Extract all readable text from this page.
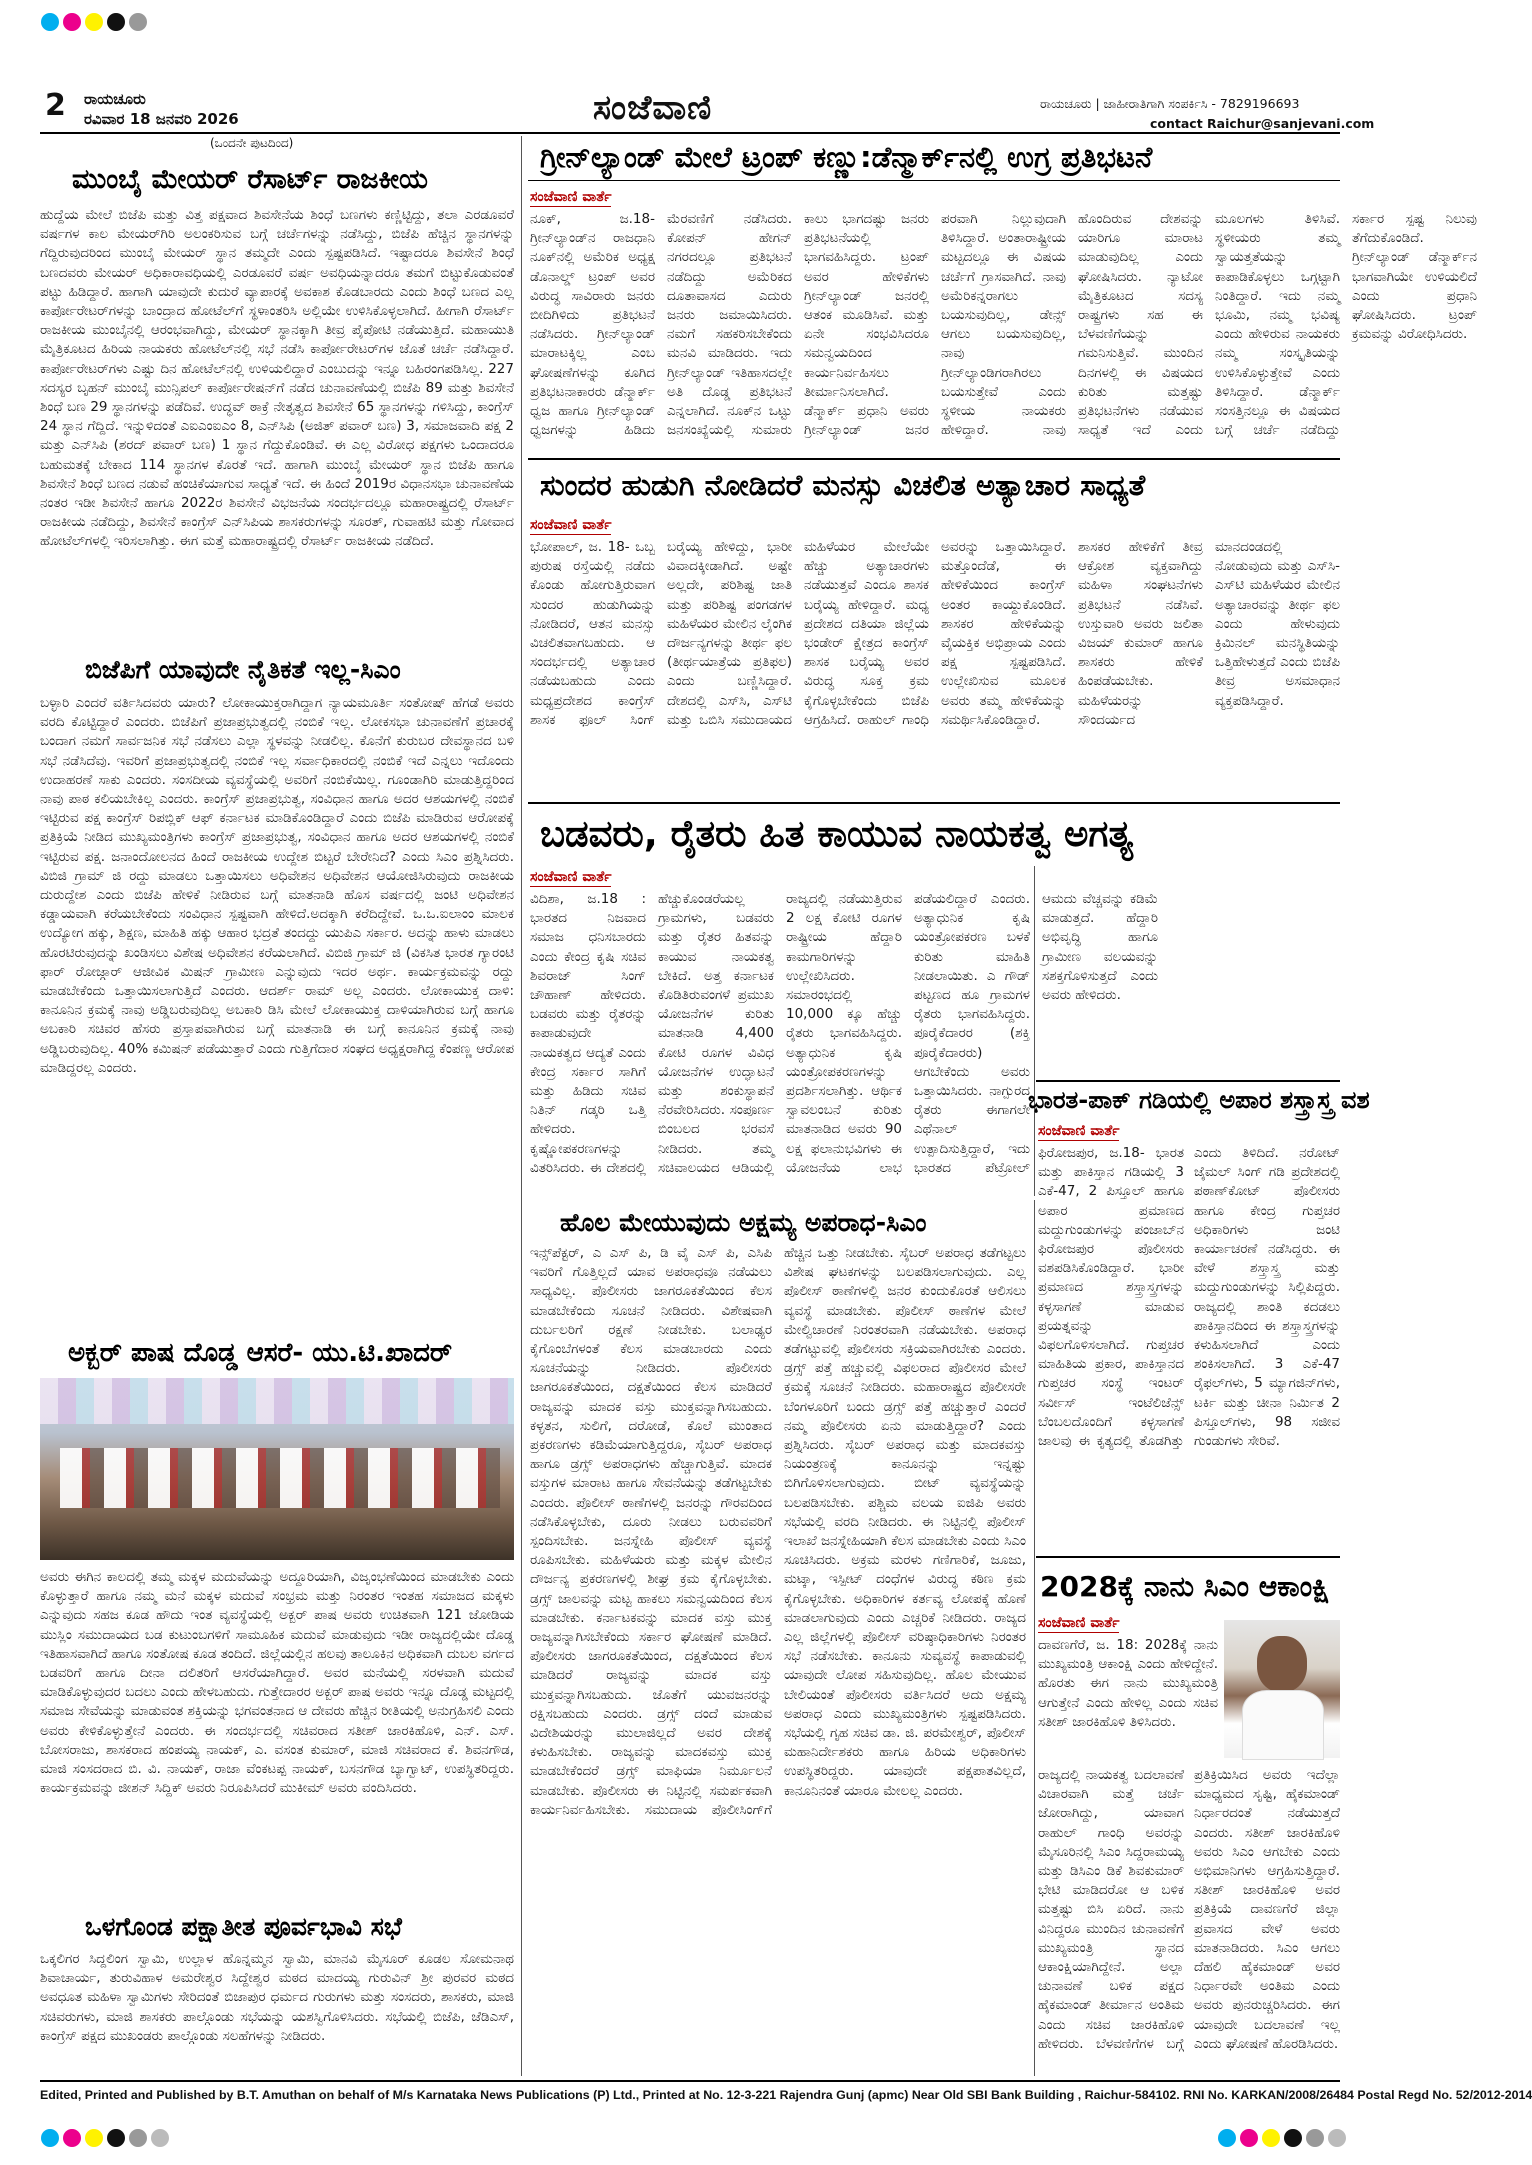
2 ರಾಯಚೂರು
ರವಿವಾರ 18 ಜನವರಿ 2026	ಸಂಜೆವಾಣಿ	ರಾಯಚೂರು | ಜಾಹೀರಾತಿಗಾಗಿ ಸಂಪರ್ಕಿಸಿ - 7829196693
contact Raichur@sanjevani.com
(ಒಂದನೇ ಪುಟದಿಂದ)
ಮುಂಬೈ ಮೇಯರ್ ರೆಸಾರ್ಟ್ ರಾಜಕೀಯ
ಹುದ್ದೆಯ ಮೇಲೆ ಬಿಜೆಪಿ ಮತ್ತು ವಿತ್ತ ಪಕ್ಷವಾದ ಶಿವಸೇನೆಯ ಶಿಂಧೆ ಬಣಗಳು ಕಣ್ಣಿಟ್ಟಿದ್ದು, ತಲಾ ಎರಡೂವರೆ ವರ್ಷಗಳ ಕಾಲ ಮೇಯರ್‌ಗಿರಿ ಅಲಂಕರಿಸುವ ಬಗ್ಗೆ ಚರ್ಚೆಗಳನ್ನು ನಡೆಸಿದ್ದು, ಬಿಜೆಪಿ ಹೆಚ್ಚಿನ ಸ್ಥಾನಗಳನ್ನು ಗೆದ್ದಿರುವುದರಿಂದ ಮುಂಬೈ ಮೇಯರ್ ಸ್ಥಾನ ತಮ್ಮದೇ ಎಂದು ಸ್ಪಷ್ಟಪಡಿಸಿದೆ. ಇಷ್ಟಾದರೂ ಶಿವಸೇನೆ ಶಿಂಧೆ ಬಣದವರು ಮೇಯರ್ ಅಧಿಕಾರಾವಧಿಯಲ್ಲಿ ಎರಡೂವರೆ ವರ್ಷ ಅವಧಿಯನ್ನಾದರೂ ತಮಗೆ ಬಿಟ್ಟುಕೊಡುವಂತೆ ಪಟ್ಟು ಹಿಡಿದ್ದಾರೆ. ಹಾಗಾಗಿ ಯಾವುದೇ ಕುದುರೆ ವ್ಯಾಪಾರಕ್ಕೆ ಅವಕಾಶ ಕೊಡಬಾರದು ಎಂದು ಶಿಂಧೆ ಬಣದ ಎಲ್ಲ ಕಾರ್ಪೋರೇಟರ್‌ಗಳನ್ನು ಬಾಂದ್ರಾದ ಹೋಟೆಲ್‌ಗೆ ಸ್ಥಳಾಂತರಿಸಿ ಅಲ್ಲಿಯೇ ಉಳಿಸಿಕೊಳ್ಳಲಾಗಿದೆ. ಹೀಗಾಗಿ ರೆಸಾರ್ಟ್ ರಾಜಕೀಯ ಮುಂಬೈನಲ್ಲಿ ಆರಂಭವಾಗಿದ್ದು, ಮೇಯರ್ ಸ್ಥಾನಕ್ಕಾಗಿ ತೀವ್ರ ಪೈಪೋಟಿ ನಡೆಯುತ್ತಿದೆ. ಮಹಾಯುತಿ ಮೈತ್ರಿಕೂಟದ ಹಿರಿಯ ನಾಯಕರು ಹೋಟೆಲ್‌ನಲ್ಲಿ ಸಭೆ ನಡೆಸಿ ಕಾರ್ಪೋರೇಟರ್‌ಗಳ ಜೊತೆ ಚರ್ಚೆ ನಡೆಸಿದ್ದಾರೆ. ಕಾರ್ಪೋರೇಟರ್‌ಗಳು ಎಷ್ಟು ದಿನ ಹೋಟೆಲ್‌ನಲ್ಲಿ ಉಳಿಯಲಿದ್ದಾರೆ ಎಂಬುದನ್ನು ಇನ್ನೂ ಬಹಿರಂಗಪಡಿಸಿಲ್ಲ. 227 ಸದಸ್ಯರ ಬೃಹನ್ ಮುಂಬೈ ಮುನ್ಸಿಪಲ್ ಕಾರ್ಪೋರೇಷನ್‌ಗೆ ನಡೆದ ಚುನಾವಣೆಯಲ್ಲಿ ಬಿಜೆಪಿ 89 ಮತ್ತು ಶಿವಸೇನೆ ಶಿಂಧೆ ಬಣ 29 ಸ್ಥಾನಗಳನ್ನು ಪಡೆದಿವೆ. ಉದ್ಧವ್ ಠಾಕ್ರೆ ನೇತೃತ್ವದ ಶಿವಸೇನೆ 65 ಸ್ಥಾನಗಳನ್ನು ಗಳಿಸಿದ್ದು, ಕಾಂಗ್ರೆಸ್ 24 ಸ್ಥಾನ ಗೆದ್ದಿದೆ. ಇನ್ನುಳಿದಂತೆ ಎಐಎಂಐಎಂ 8, ಎನ್‌ಸಿಪಿ (ಅಜಿತ್ ಪವಾರ್ ಬಣ) 3, ಸಮಾಜವಾದಿ ಪಕ್ಷ 2 ಮತ್ತು ಎನ್‌ಸಿಪಿ (ಶರದ್ ಪವಾರ್ ಬಣ) 1 ಸ್ಥಾನ ಗೆದ್ದುಕೊಂಡಿವೆ. ಈ ಎಲ್ಲ ವಿರೋಧ ಪಕ್ಷಗಳು ಒಂದಾದರೂ ಬಹುಮತಕ್ಕೆ ಬೇಕಾದ 114 ಸ್ಥಾನಗಳ ಕೊರತೆ ಇದೆ. ಹಾಗಾಗಿ ಮುಂಬೈ ಮೇಯರ್ ಸ್ಥಾನ ಬಿಜೆಪಿ ಹಾಗೂ ಶಿವಸೇನೆ ಶಿಂಧೆ ಬಣದ ನಡುವೆ ಹಂಚಿಕೆಯಾಗುವ ಸಾಧ್ಯತೆ ಇದೆ. ಈ ಹಿಂದೆ 2019ರ ವಿಧಾನಸಭಾ ಚುನಾವಣೆಯ ನಂತರ ಇಡೀ ಶಿವಸೇನೆ ಹಾಗೂ 2022ರ ಶಿವಸೇನೆ ವಿಭಜನೆಯ ಸಂದರ್ಭದಲ್ಲೂ ಮಹಾರಾಷ್ಟ್ರದಲ್ಲಿ ರೆಸಾರ್ಟ್ ರಾಜಕೀಯ ನಡೆದಿದ್ದು, ಶಿವಸೇನೆ ಕಾಂಗ್ರೆಸ್ ಎನ್‌ಸಿಪಿಯ ಶಾಸಕರುಗಳನ್ನು ಸೂರತ್, ಗುವಾಹಟಿ ಮತ್ತು ಗೋವಾದ ಹೋಟೆಲ್‌ಗಳಲ್ಲಿ ಇರಿಸಲಾಗಿತ್ತು. ಈಗ ಮತ್ತೆ ಮಹಾರಾಷ್ಟ್ರದಲ್ಲಿ ರೆಸಾರ್ಟ್ ರಾಜಕೀಯ ನಡೆದಿದೆ.
ಬಿಜೆಪಿಗೆ ಯಾವುದೇ ನೈತಿಕತೆ ಇಲ್ಲ-ಸಿಎಂ
ಬಳ್ಳಾರಿ ಎಂದರೆ ವರ್ತಿಸಿದವರು ಯಾರು? ಲೋಕಾಯುಕ್ತರಾಗಿದ್ದಾಗ ನ್ಯಾಯಮೂರ್ತಿ ಸಂತೋಷ್ ಹೆಗಡೆ ಅವರು ವರದಿ ಕೊಟ್ಟಿದ್ದಾರೆ ಎಂದರು. ಬಿಜೆಪಿಗೆ ಪ್ರಜಾಪ್ರಭುತ್ವದಲ್ಲಿ ನಂಬಿಕೆ ಇಲ್ಲ. ಲೋಕಸಭಾ ಚುನಾವಣೆಗೆ ಪ್ರಚಾರಕ್ಕೆ ಬಂದಾಗ ನಮಗೆ ಸಾರ್ವಜನಿಕ ಸಭೆ ನಡೆಸಲು ಎಲ್ಲಾ ಸ್ಥಳವನ್ನು ನೀಡಲಿಲ್ಲ. ಕೊನೆಗೆ ಕುರುಬರ ದೇವಸ್ಥಾನದ ಬಳಿ ಸಭೆ ನಡೆಸಿದೆವು. ಇವರಿಗೆ ಪ್ರಜಾಪ್ರಭುತ್ವದಲ್ಲಿ ನಂಬಿಕೆ ಇಲ್ಲ ಸರ್ವಾಧಿಕಾರದಲ್ಲಿ ನಂಬಿಕೆ ಇದೆ ಎನ್ನಲು ಇದೊಂದು ಉದಾಹರಣೆ ಸಾಕು ಎಂದರು. ಸಂಸದೀಯ ವ್ಯವಸ್ಥೆಯಲ್ಲಿ ಅವರಿಗೆ ನಂಬಿಕೆಯಿಲ್ಲ. ಗೂಂಡಾಗಿರಿ ಮಾಡುತ್ತಿದ್ದರಿಂದ ನಾವು ಪಾಠ ಕಲಿಯಬೇಕಿಲ್ಲ ಎಂದರು. ಕಾಂಗ್ರೆಸ್ ಪ್ರಜಾಪ್ರಭುತ್ವ, ಸಂವಿಧಾನ ಹಾಗೂ ಅದರ ಆಶಯಗಳಲ್ಲಿ ನಂಬಿಕೆ ಇಟ್ಟಿರುವ ಪಕ್ಷ ಕಾಂಗ್ರೆಸ್ ರಿಪಬ್ಲಿಕ್ ಆಫ್ ಕರ್ನಾಟಕ ಮಾಡಿಕೊಂಡಿದ್ದಾರೆ ಎಂದು ಬಿಜೆಪಿ ಮಾಡಿರುವ ಆರೋಪಕ್ಕೆ ಪ್ರತಿಕ್ರಿಯೆ ನೀಡಿದ ಮುಖ್ಯಮಂತ್ರಿಗಳು ಕಾಂಗ್ರೆಸ್ ಪ್ರಜಾಪ್ರಭುತ್ವ, ಸಂವಿಧಾನ ಹಾಗೂ ಅದರ ಆಶಯಗಳಲ್ಲಿ ನಂಬಿಕೆ ಇಟ್ಟಿರುವ ಪಕ್ಷ. ಜನಾಂದೋಲನದ ಹಿಂದೆ ರಾಜಕೀಯ ಉದ್ದೇಶ ಬಿಟ್ಟರೆ ಬೇರೇನಿದೆ? ಎಂದು ಸಿಎಂ ಪ್ರಶ್ನಿಸಿದರು. ವಿಬಿಜಿ ಗ್ರಾಮ್ ಜಿ ರದ್ದು ಮಾಡಲು ಒತ್ತಾಯಿಸಲು ಅಧಿವೇಶನ ಅಧಿವೇಶನ ಆಯೋಜಿಸಿರುವುದು ರಾಜಕೀಯ ದುರುದ್ದೇಶ ಎಂದು ಬಿಜೆಪಿ ಹೇಳಿಕೆ ನೀಡಿರುವ ಬಗ್ಗೆ ಮಾತನಾಡಿ ಹೊಸ ವರ್ಷದಲ್ಲಿ ಜಂಟಿ ಅಧಿವೇಶನ ಕಡ್ಡಾಯವಾಗಿ ಕರೆಯಬೇಕೆಂದು ಸಂವಿಧಾನ ಸ್ಪಷ್ಟವಾಗಿ ಹೇಳಿದೆ.ಅದಕ್ಕಾಗಿ ಕರೆದಿದ್ದೇವೆ. ಒ.ಒ.ಐಲಾಂಂ ಮಾಲಕ ಉದ್ಯೋಗ ಹಕ್ಕು, ಶಿಕ್ಷಣ, ಮಾಹಿತಿ ಹಕ್ಕು ಆಹಾರ ಭದ್ರತೆ ತಂದದ್ದು ಯುಪಿಎ ಸರ್ಕಾರ. ಅದನ್ನು ಹಾಳು ಮಾಡಲು ಹೊರಟಿರುವುದನ್ನು ಖಂಡಿಸಲು ವಿಶೇಷ ಅಧಿವೇಶನ ಕರೆಯಲಾಗಿದೆ. ವಿಬಿಜಿ ಗ್ರಾಮ್ ಜಿ (ವಿಕಸಿತ ಭಾರತ ಗ್ಯಾರಂಟಿ ಫಾರ್ ರೋಜ್ಗಾರ್ ಆಜೀವಿಕ ಮಿಷನ್ ಗ್ರಾಮೀಣ ಎನ್ನುವುದು ಇದರ ಅರ್ಥ. ಕಾರ್ಯಕ್ರಮವನ್ನು ರದ್ದು ಮಾಡಬೇಕೆಂದು ಒತ್ತಾಯಿಸಲಾಗುತ್ತಿದೆ ಎಂದರು. ಆದರ್ಶ್ ರಾಮ್ ಅಲ್ಲ ಎಂದರು. ಲೋಕಾಯುಕ್ತ ದಾಳಿ: ಕಾನೂನಿನ ಕ್ರಮಕ್ಕೆ ನಾವು ಅಡ್ಡಿಬರುವುದಿಲ್ಲ ಅಬಕಾರಿ ಡಿಸಿ ಮೇಲೆ ಲೋಕಾಯುಕ್ತ ದಾಳಿಯಾಗಿರುವ ಬಗ್ಗೆ ಹಾಗೂ ಅಬಕಾರಿ ಸಚಿವರ ಹೆಸರು ಪ್ರಸ್ತಾಪವಾಗಿರುವ ಬಗ್ಗೆ ಮಾತನಾಡಿ ಈ ಬಗ್ಗೆ ಕಾನೂನಿನ ಕ್ರಮಕ್ಕೆ ನಾವು ಅಡ್ಡಿಬರುವುದಿಲ್ಲ. 40% ಕಮಿಷನ್ ಪಡೆಯುತ್ತಾರೆ ಎಂದು ಗುತ್ತಿಗೆದಾರ ಸಂಘದ ಅಧ್ಯಕ್ಷರಾಗಿದ್ದ ಕೆಂಪಣ್ಣ ಆರೋಪ ಮಾಡಿದ್ದರಲ್ಲ ಎಂದರು.
ಅಕ್ಬರ್ ಪಾಷ ದೊಡ್ಡ ಆಸರೆ- ಯು.ಟಿ.ಖಾದರ್
ಅವರು ಈಗಿನ ಕಾಲದಲ್ಲಿ ತಮ್ಮ ಮಕ್ಕಳ ಮದುವೆಯನ್ನು ಅದ್ದೂರಿಯಾಗಿ, ವಿಜೃಂಭಣೆಯಿಂದ ಮಾಡಬೇಕು ಎಂದು ಕೊಳ್ಳುತ್ತಾರೆ ಹಾಗೂ ನಮ್ಮ ಮನೆ ಮಕ್ಕಳ ಮದುವೆ ಸಂಭ್ರಮ ಮತ್ತು ನಿರಂತರ ಇಂತಹ ಸಮಾಜದ ಮಕ್ಕಳು ಎನ್ನುವುದು ಸಹಜ ಕೂಡ ಹೌದು ಇಂತ ವ್ಯವಸ್ಥೆಯಲ್ಲಿ ಅಕ್ಬರ್ ಪಾಷ ಅವರು ಉಚಿತವಾಗಿ 121 ಜೋಡಿಯ ಮುಸ್ಲಿಂ ಸಮುದಾಯದ ಬಡ ಕುಟುಂಬಗಳಿಗೆ ಸಾಮೂಹಿಕ ಮದುವೆ ಮಾಡುವುದು ಇಡೀ ರಾಜ್ಯದಲ್ಲಿಯೇ ದೊಡ್ಡ ಇತಿಹಾಸವಾಗಿದೆ ಹಾಗೂ ಸಂತೋಷ ಕೂಡ ತಂದಿದೆ. ಜಿಲ್ಲೆಯಲ್ಲಿನ ಹಲವು ತಾಲೂಕಿನ ಅಧಿಕವಾಗಿ ದುಬಲ ವರ್ಗದ ಬಡವರಿಗೆ ಹಾಗೂ ದೀನಾ ದಲಿತರಿಗೆ ಆಸರೆಯಾಗಿದ್ದಾರೆ. ಅವರ ಮನೆಯಲ್ಲಿ ಸರಳವಾಗಿ ಮದುವೆ ಮಾಡಿಕೊಳ್ಳುವುದರ ಬದಲು ಎಂದು ಹೇಳಬಹುದು. ಗುತ್ತೇದಾರರ ಅಕ್ಬರ್ ಪಾಷ ಅವರು ಇನ್ನೂ ದೊಡ್ಡ ಮಟ್ಟದಲ್ಲಿ ಸಮಾಜ ಸೇವೆಯನ್ನು ಮಾಡುವಂತ ಶಕ್ತಿಯನ್ನು ಭಗವಂತನಾದ ಆ ದೇವರು ಹೆಚ್ಚಿನ ರೀತಿಯಲ್ಲಿ ಅನುಗ್ರಹಿಸಲಿ ಎಂದು ಅವರು ಕೇಳಿಕೊಳ್ಳುತ್ತೇನೆ ಎಂದರು. ಈ ಸಂದರ್ಭದಲ್ಲಿ ಸಚಿವರಾದ ಸತೀಶ್ ಜಾರಕಿಹೊಳಿ, ಎನ್. ಎಸ್. ಬೋಸರಾಜು, ಶಾಸಕರಾದ ಹಂಪಯ್ಯ ನಾಯಕ್, ಎ. ವಸಂತ ಕುಮಾರ್, ಮಾಜಿ ಸಚಿವರಾದ ಕೆ. ಶಿವನಗೌಡ, ಮಾಜಿ ಸಂಸದರಾದ ಬಿ. ವಿ. ನಾಯಕ್, ರಾಜಾ ವೆಂಕಟಪ್ಪ ನಾಯಕ್, ಬಸನಗೌಡ ಬ್ಯಾಗ್ವಾಟ್, ಉಪಸ್ಥಿತರಿದ್ದರು. ಕಾರ್ಯಕ್ರಮವನ್ನು ಜೀಶನ್ ಸಿದ್ದಿಕ್ ಅವರು ನಿರೂಪಿಸಿದರೆ ಮುಕೀಮ್ ಅವರು ವಂದಿಸಿದರು.
ಒಳಗೊಂಡ ಪಕ್ಷಾತೀತ ಪೂರ್ವಭಾವಿ ಸಭೆ
ಒಕ್ಕಲಿಗರ ಸಿದ್ದಲಿಂಗ ಸ್ವಾಮಿ, ಉಲ್ಲಾಳ ಹೊನ್ನಮ್ಮನ ಸ್ವಾಮಿ, ಮಾನವಿ ಮೈಸೂರ್ ಕೂಡಲ ಸೋಮನಾಥ ಶಿವಾಚಾರ್ಯ, ತುರುವಿಹಾಳ ಅಮರೇಶ್ವರ ಸಿದ್ದೇಶ್ವರ ಮಠದ ಮಾದಯ್ಯ ಗುರುವಿನ್ ಶ್ರೀ ಪುರವರ ಮಠದ ಅವಧೂತ ಮಹಿಳಾ ಸ್ವಾಮಿಗಳು ಸೇರಿದಂತೆ ಬಿಜಾಪುರ ಧರ್ಮದ ಗುರುಗಳು ಮತ್ತು ಸಂಸದರು, ಶಾಸಕರು, ಮಾಜಿ ಸಚಿವರುಗಳು, ಮಾಜಿ ಶಾಸಕರು ಪಾಲ್ಗೊಂಡು ಸಭೆಯನ್ನು ಯಶಸ್ವಿಗೊಳಿಸಿದರು. ಸಭೆಯಲ್ಲಿ ಬಿಜೆಪಿ, ಜೆಡಿಎಸ್, ಕಾಂಗ್ರೆಸ್ ಪಕ್ಷದ ಮುಖಂಡರು ಪಾಲ್ಗೊಂಡು ಸಲಹೆಗಳನ್ನು ನೀಡಿದರು.
ಗ್ರೀನ್‌ಲ್ಯಾಂಡ್ ಮೇಲೆ ಟ್ರಂಪ್ ಕಣ್ಣು:ಡೆನ್ಮಾರ್ಕ್‌ನಲ್ಲಿ ಉಗ್ರ ಪ್ರತಿಭಟನೆ
ಸಂಜೆವಾಣಿ ವಾರ್ತೆ
ನೂಕ್, ಜ.18- ಗ್ರೀನ್‌ಲ್ಯಾಂಡ್‌ನ ರಾಜಧಾನಿ ನೂಕ್‌ನಲ್ಲಿ ಅಮೆರಿಕ ಅಧ್ಯಕ್ಷ ಡೊನಾಲ್ಡ್ ಟ್ರಂಪ್ ಅವರ ವಿರುದ್ಧ ಸಾವಿರಾರು ಜನರು ಬೀದಿಗಿಳಿದು ಪ್ರತಿಭಟನೆ ನಡೆಸಿದರು. ಗ್ರೀನ್‌ಲ್ಯಾಂಡ್ ಮಾರಾಟಕ್ಕಿಲ್ಲ ಎಂಬ ಘೋಷಣೆಗಳನ್ನು ಕೂಗಿದ ಪ್ರತಿಭಟನಾಕಾರರು ಡೆನ್ಮಾರ್ಕ್ ಧ್ವಜ ಹಾಗೂ ಗ್ರೀನ್‌ಲ್ಯಾಂಡ್ ಧ್ವಜಗಳನ್ನು ಹಿಡಿದು ಮೆರವಣಿಗೆ ನಡೆಸಿದರು. ಕೋಪನ್ ಹೇಗನ್ ನಗರದಲ್ಲೂ ಪ್ರತಿಭಟನೆ ನಡೆದಿದ್ದು ಅಮೆರಿಕದ ದೂತಾವಾಸದ ಎದುರು ಜನರು ಜಮಾಯಿಸಿದರು. ನಮಗೆ ಸಹಕರಿಸಬೇಕೆಂದು ಮನವಿ ಮಾಡಿದರು. ಇದು ಗ್ರೀನ್‌ಲ್ಯಾಂಡ್ ಇತಿಹಾಸದಲ್ಲೇ ಅತಿ ದೊಡ್ಡ ಪ್ರತಿಭಟನೆ ಎನ್ನಲಾಗಿದೆ. ನೂಕ್‌ನ ಒಟ್ಟು ಜನಸಂಖ್ಯೆಯಲ್ಲಿ ಸುಮಾರು ಕಾಲು ಭಾಗದಷ್ಟು ಜನರು ಪ್ರತಿಭಟನೆಯಲ್ಲಿ ಭಾಗವಹಿಸಿದ್ದರು. ಟ್ರಂಪ್ ಅವರ ಹೇಳಿಕೆಗಳು ಗ್ರೀನ್‌ಲ್ಯಾಂಡ್ ಜನರಲ್ಲಿ ಆತಂಕ ಮೂಡಿಸಿವೆ. ಮತ್ತು ಏನೇ ಸಂಭವಿಸಿದರೂ ಸಮನ್ವಯದಿಂದ ಕಾರ್ಯನಿರ್ವಹಿಸಲು ತೀರ್ಮಾನಿಸಲಾಗಿದೆ. ಡೆನ್ಮಾರ್ಕ್ ಪ್ರಧಾನಿ ಅವರು ಗ್ರೀನ್‌ಲ್ಯಾಂಡ್ ಜನರ ಪರವಾಗಿ ನಿಲ್ಲುವುದಾಗಿ ತಿಳಿಸಿದ್ದಾರೆ. ಅಂತಾರಾಷ್ಟ್ರೀಯ ಮಟ್ಟದಲ್ಲೂ ಈ ವಿಷಯ ಚರ್ಚೆಗೆ ಗ್ರಾಸವಾಗಿದೆ. ನಾವು ಅಮೆರಿಕನ್ನರಾಗಲು ಬಯಸುವುದಿಲ್ಲ, ಡೇನ್ಸ್ ಆಗಲು ಬಯಸುವುದಿಲ್ಲ, ನಾವು ಗ್ರೀನ್‌ಲ್ಯಾಂಡಿಗರಾಗಿರಲು ಬಯಸುತ್ತೇವೆ ಎಂದು ಸ್ಥಳೀಯ ನಾಯಕರು ಹೇಳಿದ್ದಾರೆ. ನಾವು ಹೊಂದಿರುವ ದೇಶವನ್ನು ಯಾರಿಗೂ ಮಾರಾಟ ಮಾಡುವುದಿಲ್ಲ ಎಂದು ಘೋಷಿಸಿದರು. ನ್ಯಾಟೋ ಮೈತ್ರಿಕೂಟದ ಸದಸ್ಯ ರಾಷ್ಟ್ರಗಳು ಸಹ ಈ ಬೆಳವಣಿಗೆಯನ್ನು ಗಮನಿಸುತ್ತಿವೆ. ಮುಂದಿನ ದಿನಗಳಲ್ಲಿ ಈ ವಿಷಯದ ಕುರಿತು ಮತ್ತಷ್ಟು ಪ್ರತಿಭಟನೆಗಳು ನಡೆಯುವ ಸಾಧ್ಯತೆ ಇದೆ ಎಂದು ಮೂಲಗಳು ತಿಳಿಸಿವೆ. ಸ್ಥಳೀಯರು ತಮ್ಮ ಸ್ವಾಯತ್ತತೆಯನ್ನು ಕಾಪಾಡಿಕೊಳ್ಳಲು ಒಗ್ಗಟ್ಟಾಗಿ ನಿಂತಿದ್ದಾರೆ. ಇದು ನಮ್ಮ ಭೂಮಿ, ನಮ್ಮ ಭವಿಷ್ಯ ಎಂದು ಹೇಳಿರುವ ನಾಯಕರು ನಮ್ಮ ಸಂಸ್ಕೃತಿಯನ್ನು ಉಳಿಸಿಕೊಳ್ಳುತ್ತೇವೆ ಎಂದು ತಿಳಿಸಿದ್ದಾರೆ. ಡೆನ್ಮಾರ್ಕ್ ಸಂಸತ್ತಿನಲ್ಲೂ ಈ ವಿಷಯದ ಬಗ್ಗೆ ಚರ್ಚೆ ನಡೆದಿದ್ದು ಸರ್ಕಾರ ಸ್ಪಷ್ಟ ನಿಲುವು ತೆಗೆದುಕೊಂಡಿದೆ. ಗ್ರೀನ್‌ಲ್ಯಾಂಡ್ ಡೆನ್ಮಾರ್ಕ್‌ನ ಭಾಗವಾಗಿಯೇ ಉಳಿಯಲಿದೆ ಎಂದು ಪ್ರಧಾನಿ ಘೋಷಿಸಿದರು. ಟ್ರಂಪ್ ಕ್ರಮವನ್ನು ವಿರೋಧಿಸಿದರು.
ಸುಂದರ ಹುಡುಗಿ ನೋಡಿದರೆ ಮನಸ್ಸು ವಿಚಲಿತ ಅತ್ಯಾಚಾರ ಸಾಧ್ಯತೆ
ಸಂಜೆವಾಣಿ ವಾರ್ತೆ
ಭೋಪಾಲ್, ಜ. 18- ಒಬ್ಬ ಪುರುಷ ರಸ್ತೆಯಲ್ಲಿ ನಡೆದು ಕೊಂಡು ಹೋಗುತ್ತಿರುವಾಗ ಸುಂದರ ಹುಡುಗಿಯನ್ನು ನೋಡಿದರೆ, ಆತನ ಮನಸ್ಸು ವಿಚಲಿತವಾಗಬಹುದು. ಆ ಸಂದರ್ಭದಲ್ಲಿ ಅತ್ಯಾಚಾರ ನಡೆಯಬಹುದು ಎಂದು ಮಧ್ಯಪ್ರದೇಶದ ಕಾಂಗ್ರೆಸ್ ಶಾಸಕ ಫೂಲ್ ಸಿಂಗ್ ಬರೈಯ್ಯ ಹೇಳಿದ್ದು, ಭಾರೀ ವಿವಾದಕ್ಕೀಡಾಗಿದೆ. ಅಷ್ಟೇ ಅಲ್ಲದೇ, ಪರಿಶಿಷ್ಟ ಜಾತಿ ಮತ್ತು ಪರಿಶಿಷ್ಟ ಪಂಗಡಗಳ ಮಹಿಳೆಯರ ಮೇಲಿನ ಲೈಂಗಿಕ ದೌರ್ಜನ್ಯಗಳನ್ನು ತೀರ್ಥ ಫಲ (ತೀರ್ಥಯಾತ್ರೆಯ ಪ್ರತಿಫಲ) ಎಂದು ಬಣ್ಣಿಸಿದ್ದಾರೆ. ದೇಶದಲ್ಲಿ ಎಸ್‌ಸಿ, ಎಸ್‌ಟಿ ಮತ್ತು ಒಬಿಸಿ ಸಮುದಾಯದ ಮಹಿಳೆಯರ ಮೇಲೆಯೇ ಹೆಚ್ಚು ಅತ್ಯಾಚಾರಗಳು ನಡೆಯುತ್ತವೆ ಎಂದೂ ಶಾಸಕ ಬರೈಯ್ಯ ಹೇಳಿದ್ದಾರೆ. ಮಧ್ಯ ಪ್ರದೇಶದ ದತಿಯಾ ಜಿಲ್ಲೆಯ ಭಂಡೇರ್ ಕ್ಷೇತ್ರದ ಕಾಂಗ್ರೆಸ್ ಶಾಸಕ ಬರೈಯ್ಯ ಅವರ ವಿರುದ್ಧ ಸೂಕ್ತ ಕ್ರಮ ಕೈಗೊಳ್ಳಬೇಕೆಂದು ಬಿಜೆಪಿ ಆಗ್ರಹಿಸಿದೆ. ರಾಹುಲ್ ಗಾಂಧಿ ಅವರನ್ನು ಒತ್ತಾಯಿಸಿದ್ದಾರೆ. ಮತ್ತೊಂದೆಡೆ, ಈ ಹೇಳಿಕೆಯಿಂದ ಕಾಂಗ್ರೆಸ್ ಅಂತರ ಕಾಯ್ದುಕೊಂಡಿದೆ. ಶಾಸಕರ ಹೇಳಿಕೆಯನ್ನು ವೈಯಕ್ತಿಕ ಅಭಿಪ್ರಾಯ ಎಂದು ಪಕ್ಷ ಸ್ಪಷ್ಟಪಡಿಸಿದೆ. ಉಲ್ಲೇಖಿಸುವ ಮೂಲಕ ಅವರು ತಮ್ಮ ಹೇಳಿಕೆಯನ್ನು ಸಮರ್ಥಿಸಿಕೊಂಡಿದ್ದಾರೆ. ಶಾಸಕರ ಹೇಳಿಕೆಗೆ ತೀವ್ರ ಆಕ್ರೋಶ ವ್ಯಕ್ತವಾಗಿದ್ದು ಮಹಿಳಾ ಸಂಘಟನೆಗಳು ಪ್ರತಿಭಟನೆ ನಡೆಸಿವೆ. ಉಸ್ತುವಾರಿ ಅವರು ಜಲಿತಾ ವಿಜಯ್ ಕುಮಾರ್ ಹಾಗೂ ಶಾಸಕರು ಹೇಳಿಕೆ ಹಿಂಪಡೆಯಬೇಕು. ಮಹಿಳೆಯರನ್ನು ಸೌಂದರ್ಯದ ಮಾನದಂಡದಲ್ಲಿ ನೋಡುವುದು ಮತ್ತು ಎಸ್‌ಸಿ-ಎಸ್‌ಟಿ ಮಹಿಳೆಯರ ಮೇಲಿನ ಅತ್ಯಾಚಾರವನ್ನು ತೀರ್ಥ ಫಲ ಎಂದು ಹೇಳುವುದು ಕ್ರಿಮಿನಲ್ ಮನಸ್ಥಿತಿಯನ್ನು ಒತ್ತಿಹೇಳುತ್ತದೆ ಎಂದು ಬಿಜೆಪಿ ತೀವ್ರ ಅಸಮಾಧಾನ ವ್ಯಕ್ತಪಡಿಸಿದ್ದಾರೆ.
ಬಡವರು, ರೈತರು ಹಿತ ಕಾಯುವ ನಾಯಕತ್ವ ಅಗತ್ಯ
ಸಂಜೆವಾಣಿ ವಾರ್ತೆ
ವಿದಿಶಾ, ಜ.18 : ಭಾರತದ ನಿಜವಾದ ಸಮಾಜ ಧನಿಸಬಾರದು ಎಂದು ಕೇಂದ್ರ ಕೃಷಿ ಸಚಿವ ಶಿವರಾಜ್ ಸಿಂಗ್ ಚೌಹಾಣ್ ಹೇಳಿದರು. ಬಡವರು ಮತ್ತು ರೈತರನ್ನು ಕಾಪಾಡುವುದೇ ನಾಯಕತ್ವದ ಆದ್ಯತೆ ಎಂದು ಕೇಂದ್ರ ಸರ್ಕಾರ ಸಾಗಿಗೆ ಮತ್ತು ಹಿಡಿದು ಸಚಿವ ನಿತಿನ್ ಗಡ್ಕರಿ ಒತ್ತಿ ಹೇಳಿದರು. ಕೃಷ್ಣೋಪಕರಣಗಳನ್ನು ವಿತರಿಸಿದರು. ಈ ದೇಶದಲ್ಲಿ ಹೆಚ್ಚುಕೊಂಡರೆಯಲ್ಲ ಗ್ರಾಮಗಳು, ಬಡವರು ಮತ್ತು ರೈತರ ಹಿತವನ್ನು ಕಾಯುವ ನಾಯಕತ್ವ ಬೇಕಿದೆ. ಅತ್ತ ಕರ್ನಾಟಕ ಕೊಡಿತಿರುವಂಗಳೆ ಪ್ರಮುಖ ಯೋಜನೆಗಳ ಕುರಿತು ಮಾತನಾಡಿ 4,400 ಕೋಟಿ ರೂಗಳ ವಿವಿಧ ಯೋಜನೆಗಳ ಉದ್ಘಾಟನೆ ಮತ್ತು ಶಂಕುಸ್ಥಾಪನೆ ನೆರವೇರಿಸಿದರು. ಸಂಪೂರ್ಣ ಬಿಂಬಲದ ಭರವಸೆ ನೀಡಿದರು. ತಮ್ಮ ಸಚಿವಾಲಯದ ಆಡಿಯಲ್ಲಿ ರಾಜ್ಯದಲ್ಲಿ ನಡೆಯುತ್ತಿರುವ 2 ಲಕ್ಷ ಕೋಟಿ ರೂಗಳ ರಾಷ್ಟ್ರೀಯ ಹೆದ್ದಾರಿ ಕಾಮಗಾರಿಗಳನ್ನು ಉಲ್ಲೇಖಿಸಿದರು. ಸಮಾರಂಭದಲ್ಲಿ 10,000 ಕ್ಕೂ ಹೆಚ್ಚು ರೈತರು ಭಾಗವಹಿಸಿದ್ದರು. ಅತ್ಯಾಧುನಿಕ ಕೃಷಿ ಯಂತ್ರೋಪಕರಣಗಳನ್ನು ಪ್ರದರ್ಶಿಸಲಾಗಿತ್ತು. ಆರ್ಥಿಕ ಸ್ವಾವಲಂಬನೆ ಕುರಿತು ಮಾತನಾಡಿದ ಅವರು 90 ಲಕ್ಷ ಫಲಾನುಭವಿಗಳು ಈ ಯೋಜನೆಯ ಲಾಭ ಪಡೆಯಲಿದ್ದಾರೆ ಎಂದರು. ಅತ್ಯಾಧುನಿಕ ಕೃಷಿ ಯಂತ್ರೋಪಕರಣ ಬಳಕೆ ಕುರಿತು ಮಾಹಿತಿ ನೀಡಲಾಯಿತು. ಎ ಗೌಡ್ ಪಟ್ಟಣದ ಹೂ ಗ್ರಾಮಗಳ ರೈತರು ಭಾಗವಹಿಸಿದ್ದರು. ಪೂರೈಕೆದಾರರ (ಶಕ್ತಿ ಪೂರೈಕೆದಾರರು) ಆಗಬೇಕೆಂದು ಅವರು ಒತ್ತಾಯಿಸಿದರು. ನಾಗ್ಪುರದ ರೈತರು ಈಗಾಗಲೇ ಎಥೆನಾಲ್ ಉತ್ಪಾದಿಸುತ್ತಿದ್ದಾರೆ, ಇದು ಭಾರತದ ಪೆಟ್ರೋಲ್ ಆಮದು ವೆಚ್ಚವನ್ನು ಕಡಿಮೆ ಮಾಡುತ್ತದೆ. ಹೆದ್ದಾರಿ ಅಭಿವೃದ್ಧಿ ಹಾಗೂ ಗ್ರಾಮೀಣ ವಲಯವನ್ನು ಸಶಕ್ತಗೊಳಿಸುತ್ತದೆ ಎಂದು ಅವರು ಹೇಳಿದರು.
ಭಾರತ-ಪಾಕ್ ಗಡಿಯಲ್ಲಿ ಅಪಾರ ಶಸ್ತ್ರಾಸ್ತ್ರ ವಶ
ಸಂಜೆವಾಣಿ ವಾರ್ತೆ
ಫಿರೋಜಪುರ, ಜ.18- ಭಾರತ ಮತ್ತು ಪಾಕಿಸ್ತಾನ ಗಡಿಯಲ್ಲಿ 3 ಎಕೆ-47, 2 ಪಿಸ್ತೂಲ್ ಹಾಗೂ ಅಪಾರ ಪ್ರಮಾಣದ ಮದ್ದುಗುಂಡುಗಳನ್ನು ಪಂಜಾಬ್‌ನ ಫಿರೋಜಪುರ ಪೊಲೀಸರು ವಶಪಡಿಸಿಕೊಂಡಿದ್ದಾರೆ. ಭಾರೀ ಪ್ರಮಾಣದ ಶಸ್ತ್ರಾಸ್ತ್ರಗಳನ್ನು ಕಳ್ಳಸಾಗಣೆ ಮಾಡುವ ಪ್ರಯತ್ನವನ್ನು ವಿಫಲಗೊಳಿಸಲಾಗಿದೆ. ಗುಪ್ತಚರ ಮಾಹಿತಿಯ ಪ್ರಕಾರ, ಪಾಕಿಸ್ತಾನದ ಗುಪ್ತಚರ ಸಂಸ್ಥೆ ಇಂಟರ್ ಸರ್ವೀಸ್ ಇಂಟೆಲಿಜೆನ್ಸ್ ಬೆಂಬಲದೊಂದಿಗೆ ಕಳ್ಳಸಾಗಣೆ ಜಾಲವು ಈ ಕೃತ್ಯದಲ್ಲಿ ತೊಡಗಿತ್ತು ಎಂದು ತಿಳಿದಿದೆ. ನರೋಟ್ ಜೈಮಲ್ ಸಿಂಗ್ ಗಡಿ ಪ್ರದೇಶದಲ್ಲಿ ಪಠಾಣ್‌ಕೋಟ್ ಪೊಲೀಸರು ಹಾಗೂ ಕೇಂದ್ರ ಗುಪ್ತಚರ ಅಧಿಕಾರಿಗಳು ಜಂಟಿ ಕಾರ್ಯಾಚರಣೆ ನಡೆಸಿದ್ದರು. ಈ ವೇಳೆ ಶಸ್ತ್ರಾಸ್ತ್ರ ಮತ್ತು ಮದ್ದುಗುಂಡುಗಳನ್ನು ಸಿಲ್ಲಿಪಿದ್ದರು. ರಾಜ್ಯದಲ್ಲಿ ಶಾಂತಿ ಕದಡಲು ಪಾಕಿಸ್ತಾನದಿಂದ ಈ ಶಸ್ತ್ರಾಸ್ತ್ರಗಳನ್ನು ಕಳುಹಿಸಲಾಗಿದೆ ಎಂದು ಶಂಕಿಸಲಾಗಿದೆ. 3 ಎಕೆ-47 ರೈಫಲ್‌ಗಳು, 5 ಮ್ಯಾಗಜಿನ್‌ಗಳು, ಟರ್ಕಿ ಮತ್ತು ಚೀನಾ ನಿರ್ಮಿತ 2 ಪಿಸ್ತೂಲ್‌ಗಳು, 98 ಸಜೀವ ಗುಂಡುಗಳು ಸೇರಿವೆ.
ಹೊಲ ಮೇಯುವುದು ಅಕ್ಷಮ್ಯ ಅಪರಾಧ-ಸಿಎಂ
ಇನ್ಸ್‌ಪೆಕ್ಟರ್, ಎ ಎಸ್ ಪಿ, ಡಿ ವೈ ಎಸ್ ಪಿ, ಎಸಿಪಿ ಇವರಿಗೆ ಗೊತ್ತಿಲ್ಲದೆ ಯಾವ ಅಪರಾಧವೂ ನಡೆಯಲು ಸಾಧ್ಯವಿಲ್ಲ. ಪೊಲೀಸರು ಜಾಗರೂಕತೆಯಿಂದ ಕೆಲಸ ಮಾಡಬೇಕೆಂದು ಸೂಚನೆ ನೀಡಿದರು. ವಿಶೇಷವಾಗಿ ದುರ್ಬಲರಿಗೆ ರಕ್ಷಣೆ ನೀಡಬೇಕು. ಬಲಾಢ್ಯರ ಕೈಗೊಂಬೆಗಳಂತೆ ಕೆಲಸ ಮಾಡಬಾರದು ಎಂದು ಸೂಚನೆಯನ್ನು ನೀಡಿದರು. ಪೊಲೀಸರು ಜಾಗರೂಕತೆಯಿಂದ, ದಕ್ಷತೆಯಿಂದ ಕೆಲಸ ಮಾಡಿದರೆ ರಾಜ್ಯವನ್ನು ಮಾದಕ ವಸ್ತು ಮುಕ್ತವನ್ನಾಗಿಸಬಹುದು. ಕಳ್ಳತನ, ಸುಲಿಗೆ, ದರೋಡೆ, ಕೊಲೆ ಮುಂತಾದ ಪ್ರಕರಣಗಳು ಕಡಿಮೆಯಾಗುತ್ತಿದ್ದರೂ, ಸೈಬರ್ ಅಪರಾಧ ಹಾಗೂ ಡ್ರಗ್ಸ್ ಅಪರಾಧಗಳು ಹೆಚ್ಚಾಗುತ್ತಿವೆ. ಮಾದಕ ವಸ್ತುಗಳ ಮಾರಾಟ ಹಾಗೂ ಸೇವನೆಯನ್ನು ತಡೆಗಟ್ಟಬೇಕು ಎಂದರು. ಪೊಲೀಸ್ ಠಾಣೆಗಳಲ್ಲಿ ಜನರನ್ನು ಗೌರವದಿಂದ ನಡೆಸಿಕೊಳ್ಳಬೇಕು, ದೂರು ನೀಡಲು ಬರುವವರಿಗೆ ಸ್ಪಂದಿಸಬೇಕು. ಜನಸ್ನೇಹಿ ಪೊಲೀಸ್ ವ್ಯವಸ್ಥೆ ರೂಪಿಸಬೇಕು. ಮಹಿಳೆಯರು ಮತ್ತು ಮಕ್ಕಳ ಮೇಲಿನ ದೌರ್ಜನ್ಯ ಪ್ರಕರಣಗಳಲ್ಲಿ ಶೀಘ್ರ ಕ್ರಮ ಕೈಗೊಳ್ಳಬೇಕು. ಡ್ರಗ್ಸ್ ಜಾಲವನ್ನು ಮಟ್ಟ ಹಾಕಲು ಸಮನ್ವಯದಿಂದ ಕೆಲಸ ಮಾಡಬೇಕು. ಕರ್ನಾಟಕವನ್ನು ಮಾದಕ ವಸ್ತು ಮುಕ್ತ ರಾಜ್ಯವನ್ನಾಗಿಸಬೇಕೆಂದು ಸರ್ಕಾರ ಘೋಷಣೆ ಮಾಡಿದೆ. ಪೊಲೀಸರು ಜಾಗರೂಕತೆಯಿಂದ, ದಕ್ಷತೆಯಿಂದ ಕೆಲಸ ಮಾಡಿದರೆ ರಾಜ್ಯವನ್ನು ಮಾದಕ ವಸ್ತು ಮುಕ್ತವನ್ನಾಗಿಸಬಹುದು. ಜೊತೆಗೆ ಯುವಜನರನ್ನು ರಕ್ಷಿಸಬಹುದು ಎಂದರು. ಡ್ರಗ್ಸ್ ದಂದೆ ಮಾಡುವ ವಿದೇಶಿಯರನ್ನು ಮುಲಾಜಿಲ್ಲದೆ ಅವರ ದೇಶಕ್ಕೆ ಕಳುಹಿಸಬೇಕು. ರಾಜ್ಯವನ್ನು ಮಾದಕವಸ್ತು ಮುಕ್ತ ಮಾಡಬೇಕೆಂದರೆ ಡ್ರಗ್ಸ್ ಮಾಫಿಯಾ ನಿರ್ಮೂಲನೆ ಮಾಡಬೇಕು. ಪೊಲೀಸರು ಈ ನಿಟ್ಟಿನಲ್ಲಿ ಸಮರ್ಪಕವಾಗಿ ಕಾರ್ಯನಿರ್ವಹಿಸಬೇಕು. ಸಮುದಾಯ ಪೊಲೀಸಿಂಗ್‌ಗೆ ಹೆಚ್ಚಿನ ಒತ್ತು ನೀಡಬೇಕು. ಸೈಬರ್ ಅಪರಾಧ ತಡೆಗಟ್ಟಲು ವಿಶೇಷ ಘಟಕಗಳನ್ನು ಬಲಪಡಿಸಲಾಗುವುದು. ಎಲ್ಲ ಪೊಲೀಸ್ ಠಾಣೆಗಳಲ್ಲಿ ಜನರ ಕುಂದುಕೊರತೆ ಆಲಿಸಲು ವ್ಯವಸ್ಥೆ ಮಾಡಬೇಕು. ಪೊಲೀಸ್ ಠಾಣೆಗಳ ಮೇಲೆ ಮೇಲ್ವಿಚಾರಣೆ ನಿರಂತರವಾಗಿ ನಡೆಯಬೇಕು. ಅಪರಾಧ ತಡೆಗಟ್ಟುವಲ್ಲಿ ಪೊಲೀಸರು ಸಕ್ರಿಯವಾಗಿರಬೇಕು ಎಂದರು. ಡ್ರಗ್ಸ್ ಪತ್ತೆ ಹಚ್ಚುವಲ್ಲಿ ವಿಫಲರಾದ ಪೊಲೀಸರ ಮೇಲೆ ಕ್ರಮಕ್ಕೆ ಸೂಚನೆ ನೀಡಿದರು. ಮಹಾರಾಷ್ಟ್ರದ ಪೊಲೀಸರೇ ಬೆಂಗಳೂರಿಗೆ ಬಂದು ಡ್ರಗ್ಸ್ ಪತ್ತೆ ಹಚ್ಚುತ್ತಾರೆ ಎಂದರೆ ನಮ್ಮ ಪೊಲೀಸರು ಏನು ಮಾಡುತ್ತಿದ್ದಾರೆ? ಎಂದು ಪ್ರಶ್ನಿಸಿದರು. ಸೈಬರ್ ಅಪರಾಧ ಮತ್ತು ಮಾದಕವಸ್ತು ನಿಯಂತ್ರಣಕ್ಕೆ ಕಾನೂನನ್ನು ಇನ್ನಷ್ಟು ಬಿಗಿಗೊಳಿಸಲಾಗುವುದು. ಬೀಟ್ ವ್ಯವಸ್ಥೆಯನ್ನು ಬಲಪಡಿಸಬೇಕು. ಪಶ್ಚಿಮ ವಲಯ ಐಜಿಪಿ ಅವರು ಸಭೆಯಲ್ಲಿ ವರದಿ ನೀಡಿದರು. ಈ ನಿಟ್ಟಿನಲ್ಲಿ ಪೊಲೀಸ್ ಇಲಾಖೆ ಜನಸ್ನೇಹಿಯಾಗಿ ಕೆಲಸ ಮಾಡಬೇಕು ಎಂದು ಸಿಎಂ ಸೂಚಿಸಿದರು. ಅಕ್ರಮ ಮರಳು ಗಣಿಗಾರಿಕೆ, ಜೂಜು, ಮಟ್ಕಾ, ಇಸ್ಪೀಟ್ ದಂಧೆಗಳ ವಿರುದ್ಧ ಕಠಿಣ ಕ್ರಮ ಕೈಗೊಳ್ಳಬೇಕು. ಅಧಿಕಾರಿಗಳ ಕರ್ತವ್ಯ ಲೋಪಕ್ಕೆ ಹೊಣೆ ಮಾಡಲಾಗುವುದು ಎಂದು ಎಚ್ಚರಿಕೆ ನೀಡಿದರು. ರಾಜ್ಯದ ಎಲ್ಲ ಜಿಲ್ಲೆಗಳಲ್ಲಿ ಪೊಲೀಸ್ ವರಿಷ್ಠಾಧಿಕಾರಿಗಳು ನಿರಂತರ ಸಭೆ ನಡೆಸಬೇಕು. ಕಾನೂನು ಸುವ್ಯವಸ್ಥೆ ಕಾಪಾಡುವಲ್ಲಿ ಯಾವುದೇ ಲೋಪ ಸಹಿಸುವುದಿಲ್ಲ. ಹೊಲ ಮೇಯುವ ಬೇಲಿಯಂತೆ ಪೊಲೀಸರು ವರ್ತಿಸಿದರೆ ಅದು ಅಕ್ಷಮ್ಯ ಅಪರಾಧ ಎಂದು ಮುಖ್ಯಮಂತ್ರಿಗಳು ಸ್ಪಷ್ಟಪಡಿಸಿದರು. ಸಭೆಯಲ್ಲಿ ಗೃಹ ಸಚಿವ ಡಾ. ಜಿ. ಪರಮೇಶ್ವರ್, ಪೊಲೀಸ್ ಮಹಾನಿರ್ದೇಶಕರು ಹಾಗೂ ಹಿರಿಯ ಅಧಿಕಾರಿಗಳು ಉಪಸ್ಥಿತರಿದ್ದರು. ಯಾವುದೇ ಪಕ್ಷಪಾತವಿಲ್ಲದೆ, ಕಾನೂನಿನಂತೆ ಯಾರೂ ಮೇಲಲ್ಲ ಎಂದರು.
2028ಕ್ಕೆ ನಾನು ಸಿಎಂ ಆಕಾಂಕ್ಷಿ
ಸಂಜೆವಾಣಿ ವಾರ್ತೆ
ದಾವಣಗೆರೆ, ಜ. 18: 2028ಕ್ಕೆ ನಾನು ಮುಖ್ಯಮಂತ್ರಿ ಆಕಾಂಕ್ಷಿ ಎಂದು ಹೇಳಿದ್ದೇನೆ. ಹೊರತು ಈಗ ನಾನು ಮುಖ್ಯಮಂತ್ರಿ ಆಗುತ್ತೇನೆ ಎಂದು ಹೇಳಿಲ್ಲ ಎಂದು ಸಚಿವ ಸತೀಶ್ ಜಾರಕಿಹೊಳಿ ತಿಳಿಸಿದರು.
ರಾಜ್ಯದಲ್ಲಿ ನಾಯಕತ್ವ ಬದಲಾವಣೆ ವಿಚಾರವಾಗಿ ಮತ್ತೆ ಚರ್ಚೆ ಜೋರಾಗಿದ್ದು, ಯಾವಾಗ ರಾಹುಲ್ ಗಾಂಧಿ ಅವರನ್ನು ಮೈಸೂರಿನಲ್ಲಿ ಸಿಎಂ ಸಿದ್ದರಾಮಯ್ಯ ಮತ್ತು ಡಿಸಿಎಂ ಡಿಕೆ ಶಿವಕುಮಾರ್ ಭೇಟಿ ಮಾಡಿದರೋ ಆ ಬಳಿಕ ಮತ್ತಷ್ಟು ಬಿಸಿ ಏರಿದೆ. ನಾನು ವಿನಿದ್ದರೂ ಮುಂದಿನ ಚುನಾವಣೆಗೆ ಮುಖ್ಯಮಂತ್ರಿ ಸ್ಥಾನದ ಆಕಾಂಕ್ಷಿಯಾಗಿದ್ದೇನೆ. ಅಲ್ಲಾ ಚುನಾವಣೆ ಬಳಿಕ ಪಕ್ಷದ ಹೈಕಮಾಂಡ್ ತೀರ್ಮಾನ ಅಂತಿಮ ಎಂದು ಸಚಿವ ಜಾರಕಿಹೊಳಿ ಹೇಳಿದರು. ಬೆಳವಣಿಗೆಗಳ ಬಗ್ಗೆ ಪ್ರತಿಕ್ರಿಯಿಸಿದ ಅವರು ಇದೆಲ್ಲಾ ಮಾಧ್ಯಮದ ಸೃಷ್ಟಿ, ಹೈಕಮಾಂಡ್ ನಿರ್ಧಾರದಂತೆ ನಡೆಯುತ್ತದೆ ಎಂದರು. ಸತೀಶ್ ಜಾರಕಿಹೊಳಿ ಅವರು ಸಿಎಂ ಆಗಬೇಕು ಎಂದು ಅಭಿಮಾನಿಗಳು ಆಗ್ರಹಿಸುತ್ತಿದ್ದಾರೆ. ಸತೀಶ್ ಜಾರಕಿಹೊಳಿ ಅವರ ಪ್ರತಿಕ್ರಿಯೆ ದಾವಣಗೆರೆ ಜಿಲ್ಲಾ ಪ್ರವಾಸದ ವೇಳೆ ಅವರು ಮಾತನಾಡಿದರು. ಸಿಎಂ ಆಗಲು ದೆಹಲಿ ಹೈಕಮಾಂಡ್ ಅವರ ನಿರ್ಧಾರವೇ ಅಂತಿಮ ಎಂದು ಅವರು ಪುನರುಚ್ಚರಿಸಿದರು. ಈಗ ಯಾವುದೇ ಬದಲಾವಣೆ ಇಲ್ಲ ಎಂದು ಘೋಷಣೆ ಹೊರಡಿಸಿದರು.
Edited, Printed and Published by B.T. Amuthan on behalf of M/s Karnataka News Publications (P) Ltd., Printed at No. 12-3-221 Rajendra Gunj (apmc) Near Old SBI Bank Building , Raichur-584102. RNI No. KARKAN/2008/26484 Postal Regd No. 52/2012-2014
